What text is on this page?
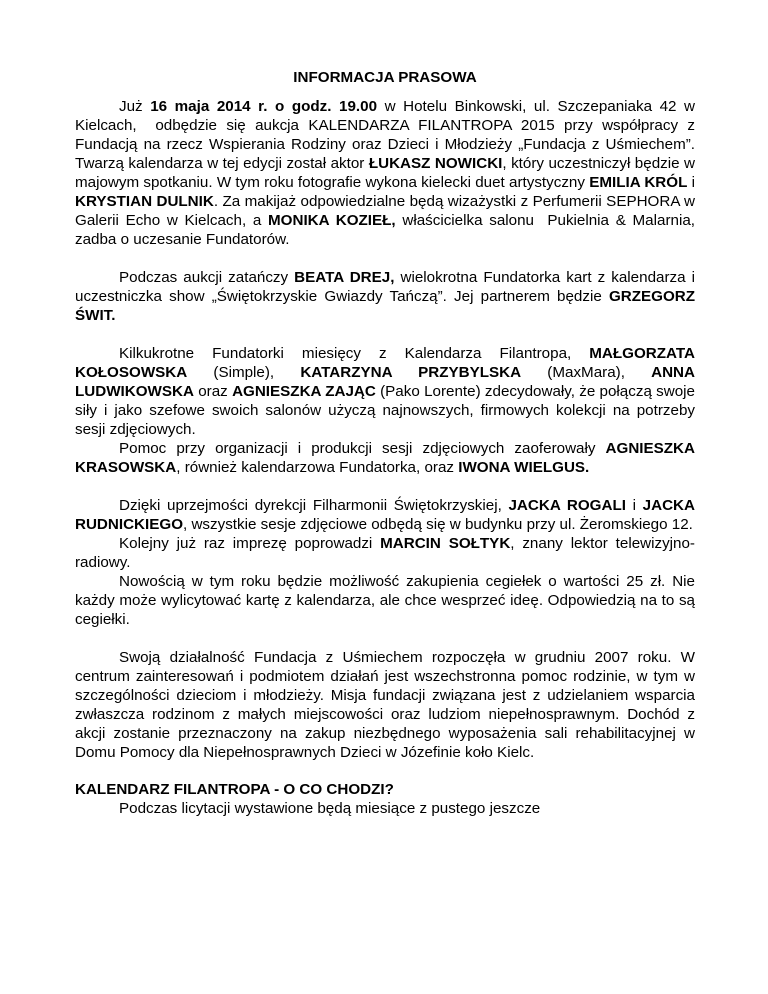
INFORMACJA PRASOWA

Już 16 maja 2014 r. o godz. 19.00 w Hotelu Binkowski, ul. Szczepaniaka 42 w Kielcach,  odbędzie się aukcja KALENDARZA FILANTROPA 2015 przy współpracy z Fundacją na rzecz Wspierania Rodziny oraz Dzieci i Młodzieży „Fundacja z Uśmiechem”. Twarzą kalendarza w tej edycji został aktor ŁUKASZ NOWICKI, który uczestniczył będzie w majowym spotkaniu. W tym roku fotografie wykona kielecki duet artystyczny EMILIA KRÓL i KRYSTIAN DULNIK. Za makijaż odpowiedzialne będą wizażystki z Perfumerii SEPHORA w Galerii Echo w Kielcach, a MONIKA KOZIEŁ, właścicielka salonu  Pukielnia & Malarnia, zadba o uczesanie Fundatorów.

Podczas aukcji zatańczy BEATA DREJ, wielokrotna Fundatorka kart z kalendarza i uczestniczka show „Świętokrzyskie Gwiazdy Tańczą”. Jej partnerem będzie GRZEGORZ ŚWIT.

Kilkukrotne Fundatorki miesięcy z Kalendarza Filantropa, MAŁGORZATA KOŁOSOWSKA (Simple), KATARZYNA PRZYBYLSKA (MaxMara), ANNA LUDWIKOWSKA oraz AGNIESZKA ZAJĄC (Pako Lorente) zdecydowały, że połączą swoje siły i jako szefowe swoich salonów użyczą najnowszych, firmowych kolekcji na potrzeby sesji zdjęciowych.

Pomoc przy organizacji i produkcji sesji zdjęciowych zaoferowały AGNIESZKA KRASOWSKA, również kalendarzowa Fundatorka, oraz IWONA WIELGUS.

Dzięki uprzejmości dyrekcji Filharmonii Świętokrzyskiej, JACKA ROGALI i JACKA RUDNICKIEGO, wszystkie sesje zdjęciowe odbędą się w budynku przy ul. Żeromskiego 12.

Kolejny już raz imprezę poprowadzi MARCIN SOŁTYK, znany lektor telewizyjno-radiowy.

Nowością w tym roku będzie możliwość zakupienia cegiełek o wartości 25 zł. Nie każdy może wylicytować kartę z kalendarza, ale chce wesprzeć ideę. Odpowiedzią na to są cegiełki.

Swoją działalność Fundacja z Uśmiechem rozpoczęła w grudniu 2007 roku. W centrum zainteresowań i podmiotem działań jest wszechstronna pomoc rodzinie, w tym w szczególności dzieciom i młodzieży. Misja fundacji związana jest z udzielaniem wsparcia zwłaszcza rodzinom z małych miejscowości oraz ludziom niepełnosprawnym. Dochód z akcji zostanie przeznaczony na zakup niezbędnego wyposażenia sali rehabilitacyjnej w Domu Pomocy dla Niepełnosprawnych Dzieci w Józefinie koło Kielc.

KALENDARZ FILANTROPA - O CO CHODZI?

Podczas licytacji wystawione będą miesiące z pustego jeszcze
